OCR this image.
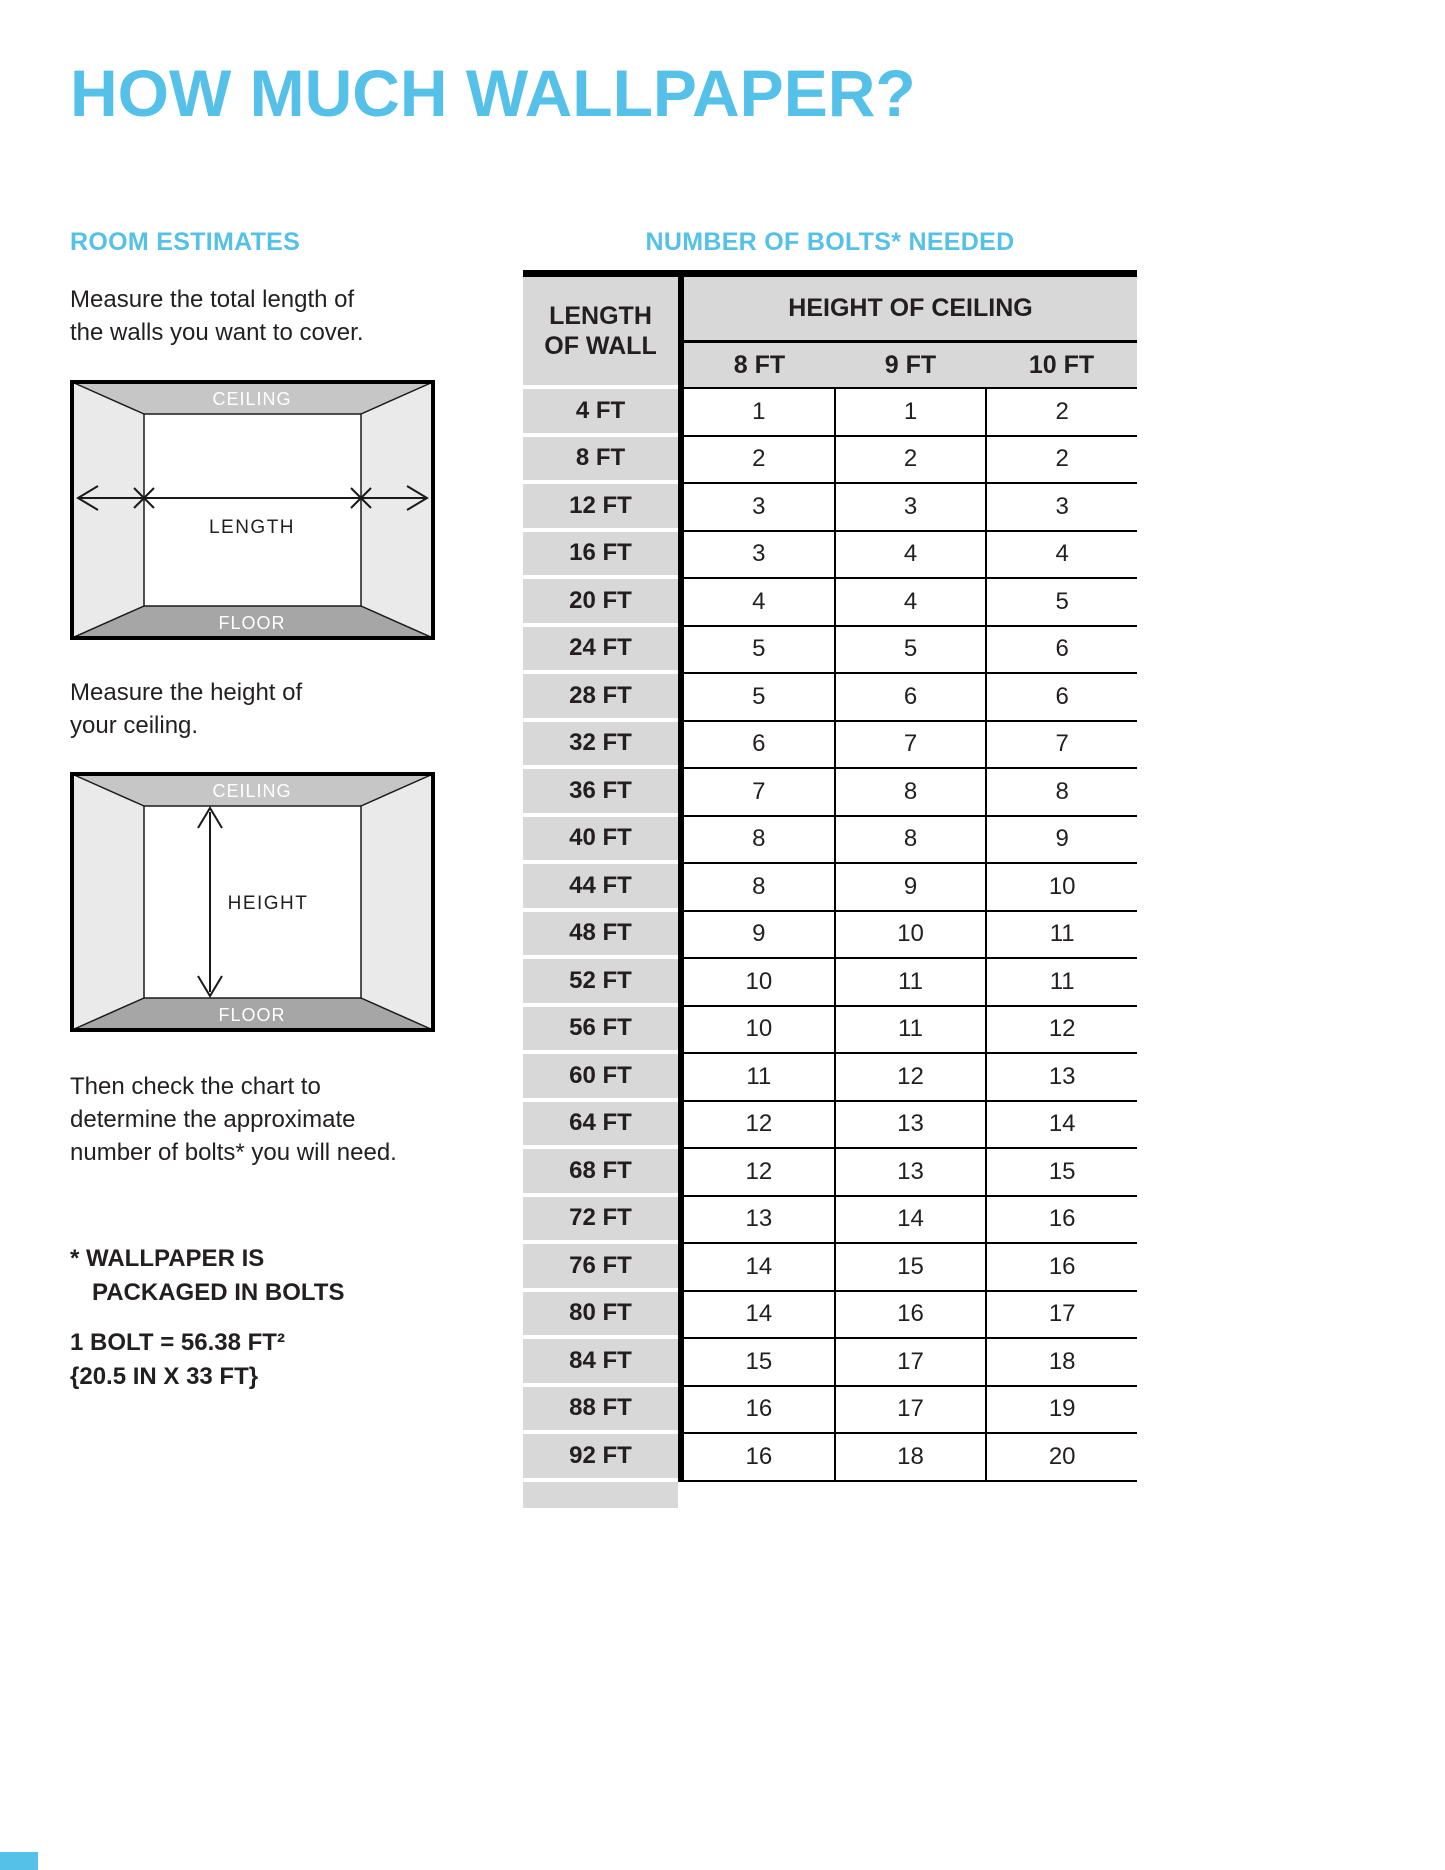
HOW MUCH WALLPAPER?
ROOM ESTIMATES

Measure the total length of the walls you want to cover.

CEILING
FLOOR
LENGTH

Measure the height of your ceiling.

CEILING
FLOOR
HEIGHT

Then check the chart to determine the approximate number of bolts* you will need.

* WALLPAPER IS
PACKAGED IN BOLTS
1 BOLT = 56.38 FT²
{20.5 IN X 33 FT}
NUMBER OF BOLTS* NEEDED
LENGTH OF WALL
HEIGHT OF CEILING
8 FT	9 FT	10 FT
4 FT	1	1	2
8 FT	2	2	2
12 FT	3	3	3
16 FT	3	4	4
20 FT	4	4	5
24 FT	5	5	6
28 FT	5	6	6
32 FT	6	7	7
36 FT	7	8	8
40 FT	8	8	9
44 FT	8	9	10
48 FT	9	10	11
52 FT	10	11	11
56 FT	10	11	12
60 FT	11	12	13
64 FT	12	13	14
68 FT	12	13	15
72 FT	13	14	16
76 FT	14	15	16
80 FT	14	16	17
84 FT	15	17	18
88 FT	16	17	19
92 FT	16	18	20
